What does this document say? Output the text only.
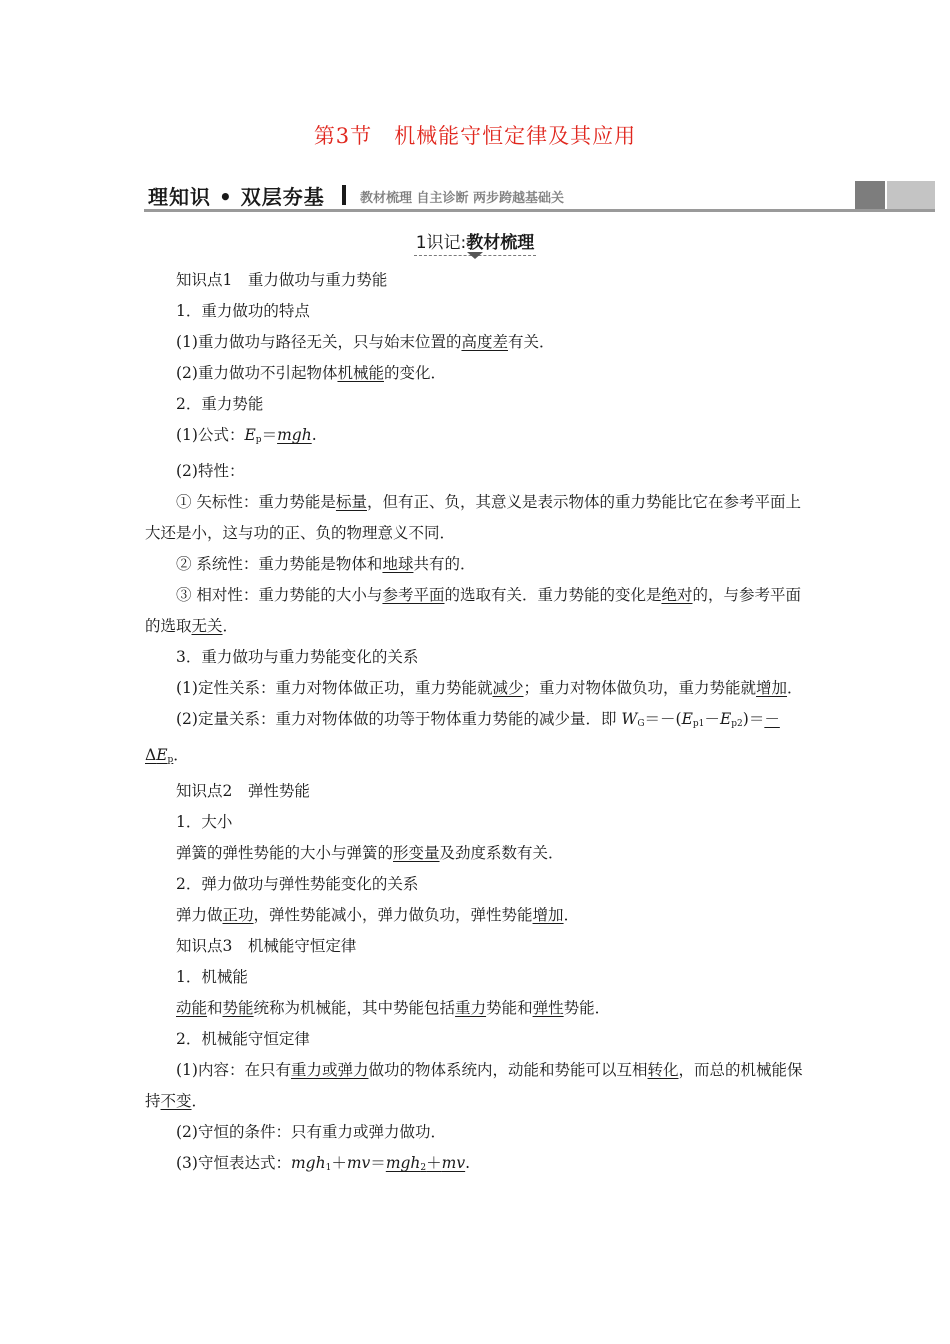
第3节 机械能守恒定律及其应用
理知识 • 双层夯基	教材梳理 自主诊断 两步跨越基础关
1识记:教材梳理

知识点1　重力做功与重力势能

1．重力做功的特点

(1)重力做功与路径无关，只与始末位置的高度差有关．

(2)重力做功不引起物体机械能的变化．

2．重力势能

(1)公式：$E_p=mgh$.

(2)特性：

① 矢标性：重力势能是标量，但有正、负，其意义是表示物体的重力势能比它在参考平面上大还是小，这与功的正、负的物理意义不同．

② 系统性：重力势能是物体和地球共有的．

③ 相对性：重力势能的大小与参考平面的选取有关．重力势能的变化是绝对的，与参考平面的选取无关．

3．重力做功与重力势能变化的关系

(1)定性关系：重力对物体做正功，重力势能就减少；重力对物体做负功，重力势能就增加．

(2)定量关系：重力对物体做的功等于物体重力势能的减少量．即 $W_G=-(E_{p1}-E_{p2})=-\Delta E_p$．

知识点2　弹性势能

1．大小

弹簧的弹性势能的大小与弹簧的形变量及劲度系数有关．

2．弹力做功与弹性势能变化的关系

弹力做正功，弹性势能减小，弹力做负功，弹性势能增加．

知识点3　机械能守恒定律

1．机械能

动能和势能统称为机械能，其中势能包括重力势能和弹性势能．

2．机械能守恒定律

(1)内容：在只有重力或弹力做功的物体系统内，动能和势能可以互相转化，而总的机械能保持不变．

(2)守恒的条件：只有重力或弹力做功．

(3)守恒表达式：mgh$_1$＋mv＝mgh$_2$＋mv.
